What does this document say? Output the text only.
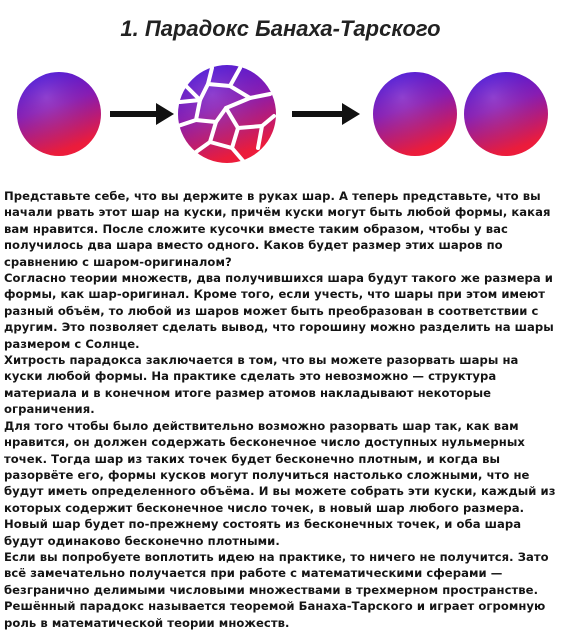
1. Парадокс Банаха-Тарского

Представьте себе, что вы держите в руках шар. А теперь представьте, что вы начали рвать этот шар на куски, причём куски могут быть любой формы, какая вам нравится. После сложите кусочки вместе таким образом, чтобы у вас получилось два шара вместо одного. Каков будет размер этих шаров по сравнению с шаром-оригиналом?

Согласно теории множеств, два получившихся шара будут такого же размера и формы, как шар-оригинал. Кроме того, если учесть, что шары при этом имеют разный объём, то любой из шаров может быть преобразован в соответствии с другим. Это позволяет сделать вывод, что горошину можно разделить на шары размером с Солнце.

Хитрость парадокса заключается в том, что вы можете разорвать шары на куски любой формы. На практике сделать это невозможно — структура материала и в конечном итоге размер атомов накладывают некоторые ограничения.

Для того чтобы было действительно возможно разорвать шар так, как вам нравится, он должен содержать бесконечное число доступных нульмерных точек. Тогда шар из таких точек будет бесконечно плотным, и когда вы разорвёте его, формы кусков могут получиться настолько сложными, что не будут иметь определенного объёма. И вы можете собрать эти куски, каждый из которых содержит бесконечное число точек, в новый шар любого размера. Новый шар будет по-прежнему состоять из бесконечных точек, и оба шара будут одинаково бесконечно плотными.

Если вы попробуете воплотить идею на практике, то ничего не получится. Зато всё замечательно получается при работе с математическими сферами — безгранично делимыми числовыми множествами в трехмерном пространстве. Решённый парадокс называется теоремой Банаха-Тарского и играет огромную роль в математической теории множеств.
